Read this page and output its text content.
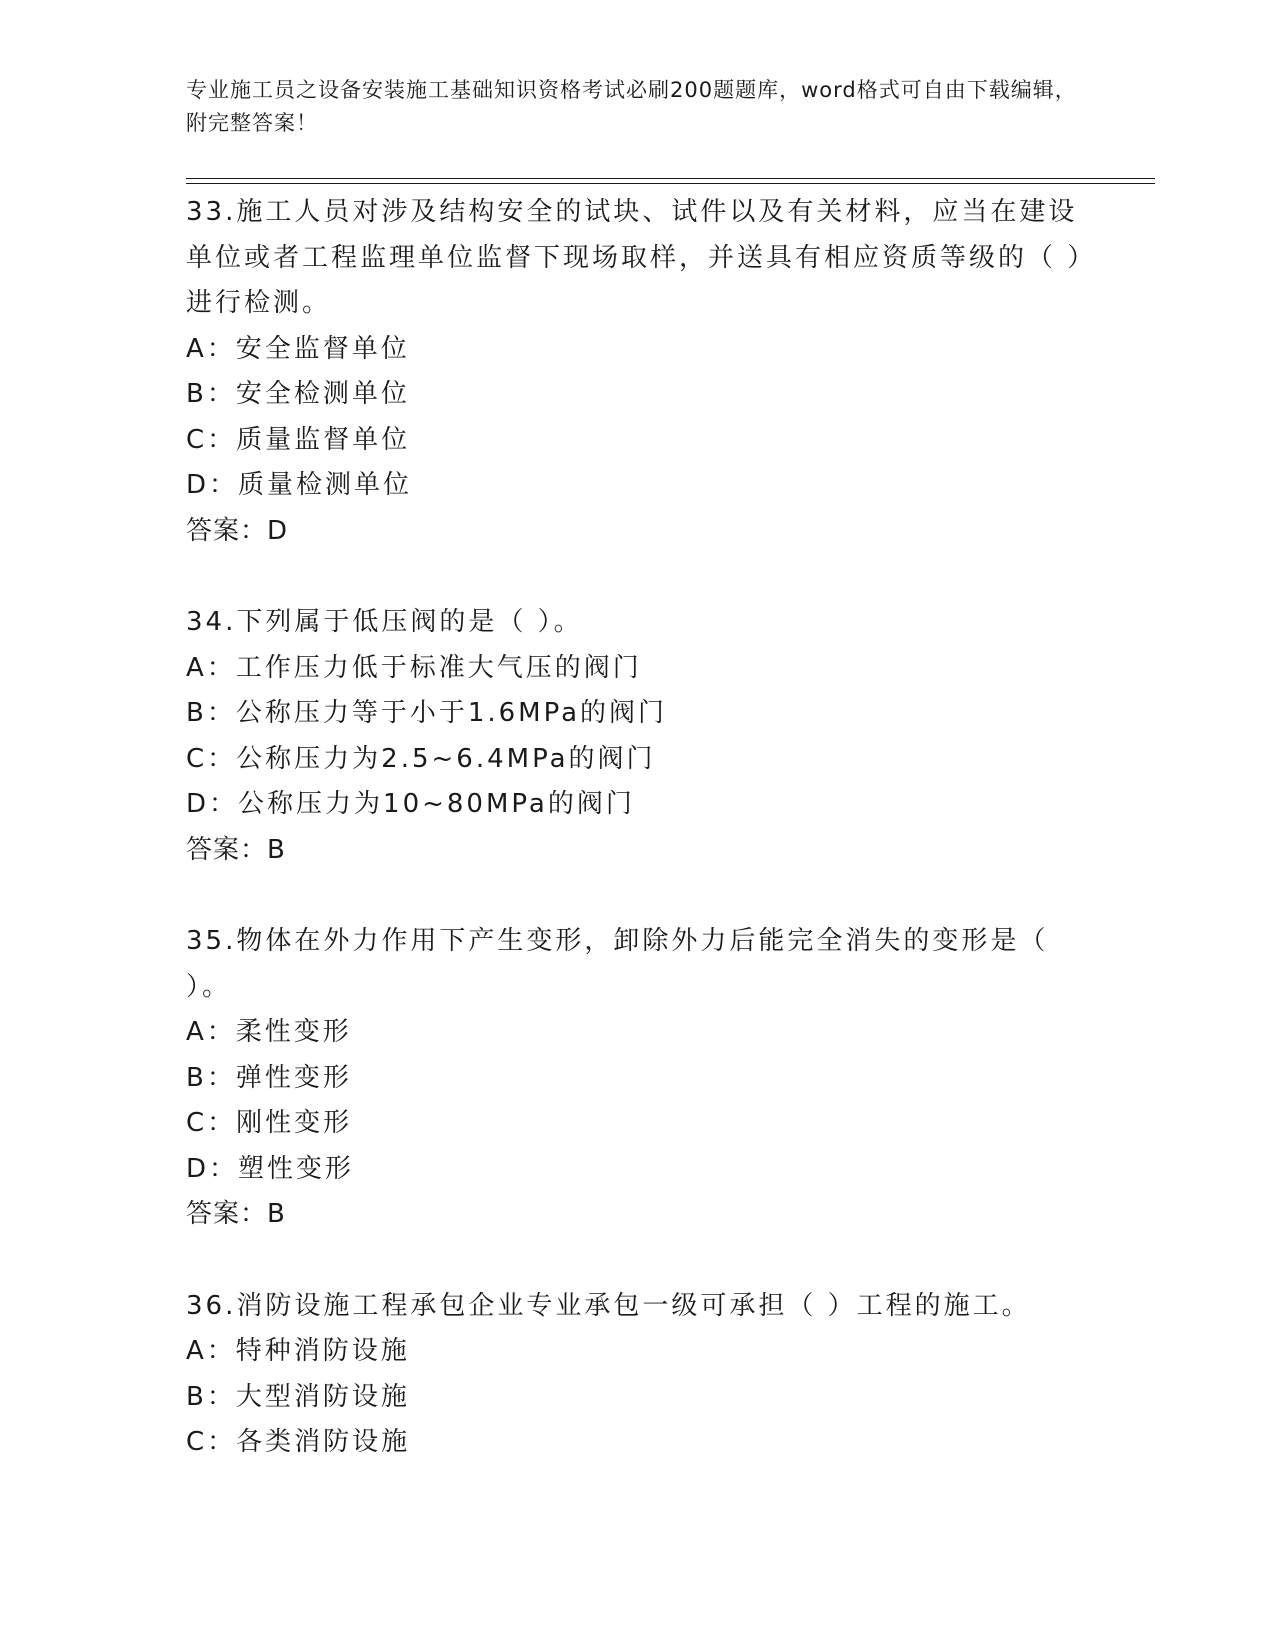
专业施工员之设备安装施工基础知识资格考试必刷200题题库，word格式可自由下载编辑，附完整答案！

33.施工人员对涉及结构安全的试块、试件以及有关材料，应当在建设单位或者工程监理单位监督下现场取样，并送具有相应资质等级的（ ）进行检测。

A：安全监督单位

B：安全检测单位

C：质量监督单位

D：质量检测单位

答案：D

34.下列属于低压阀的是（ ）。

A：工作压力低于标准大气压的阀门

B：公称压力等于小于1.6MPa的阀门

C：公称压力为2.5~6.4MPa的阀门

D：公称压力为10~80MPa的阀门

答案：B

35.物体在外力作用下产生变形，卸除外力后能完全消失的变形是（ ）。

A：柔性变形

B：弹性变形

C：刚性变形

D：塑性变形

答案：B

36.消防设施工程承包企业专业承包一级可承担（ ）工程的施工。

A：特种消防设施

B：大型消防设施

C：各类消防设施
